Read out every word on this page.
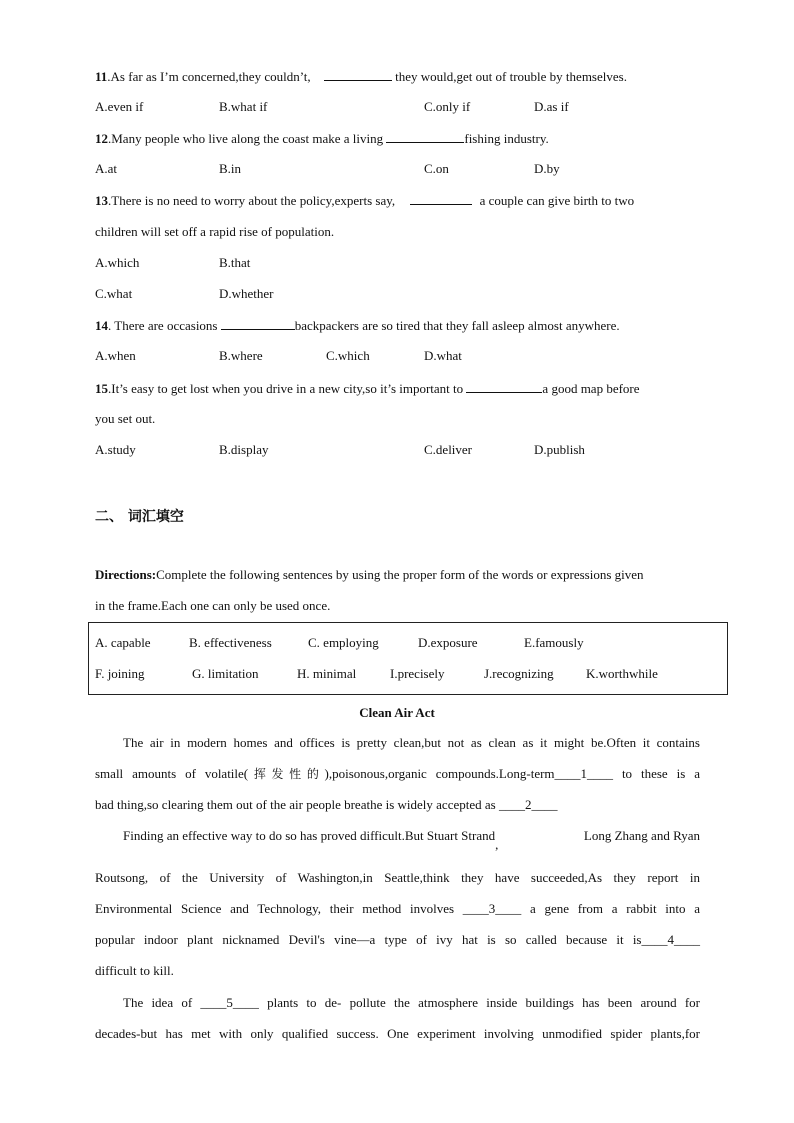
11.As far as I’m concerned,they couldn’t,	they would,get out of trouble by themselves.
A.even if	B.what if	C.only if	D.as if
12.Many people who live along the coast make a living	fishing industry.
A.at	B.in	C.on	D.by
13.There is no need to worry about the policy,experts say,	a couple can give birth to two
children will set off a rapid rise of population.
A.which	B.that
C.what	D.whether
14. There are occasions	backpackers are so tired that they fall asleep almost anywhere.
A.when	B.where	C.which	D.what
15.It’s easy to get lost when you drive in a new city,so it’s important to	a good map before
you set out.
A.study	B.display	C.deliver	D.publish
二、 词汇填空
Directions:Complete the following sentences by using the proper form of the words or expressions given
in the frame.Each one can only be used once.
A. capable	B. effectiveness	C. employing	D.exposure	E.famously
F. joining	G. limitation	H. minimal	I.precisely	J.recognizing K.worthwhile
Clean Air Act
The air in modern homes and offices is pretty clean,but not as clean as it might be.Often it contains
small amounts of volatile(挥发性的),poisonous,organic compounds.Long-term____1____ to these is a
bad thing,so clearing them out of the air people breathe is widely accepted as ____2____
Finding an effective way to do so has proved difficult.But Stuart Strand,
Long Zhang and Ryan
Routsong, of the University of Washington,in Seattle,think they have succeeded,As they report in
Environmental Science and Technology, their method involves ____3____ a gene from a rabbit into a
popular indoor plant nicknamed Devil's vine—a type of ivy hat is so called because it is____4____
difficult to kill.
The idea of ____5____ plants to de- pollute the atmosphere inside buildings has been around for
decades-but has met with only qualified success. One experiment involving unmodified spider plants,for
